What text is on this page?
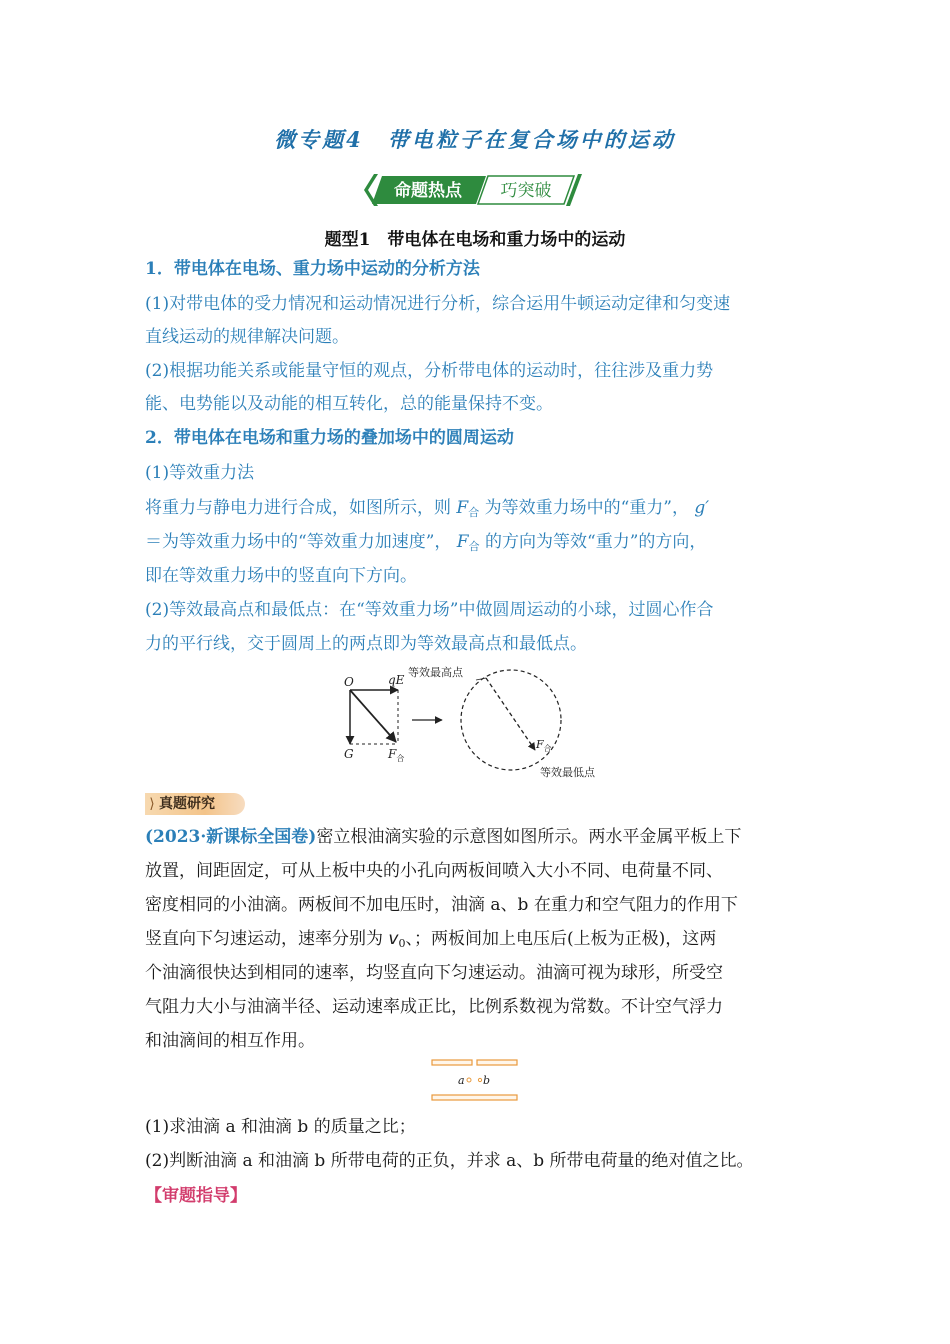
微专题4　带电粒子在复合场中的运动
命题热点 巧突破
题型1　带电体在电场和重力场中的运动
1．带电体在电场、重力场中运动的分析方法
(1)对带电体的受力情况和运动情况进行分析，综合运用牛顿运动定律和匀变速
直线运动的规律解决问题。
(2)根据功能关系或能量守恒的观点，分析带电体的运动时，往往涉及重力势
能、电势能以及动能的相互转化，总的能量保持不变。
2．带电体在电场和重力场的叠加场中的圆周运动
(1)等效重力法
将重力与静电力进行合成，如图所示，则 $F_合$ 为等效重力场中的“重力”， g′
＝为等效重力场中的“等效重力加速度”， $F_合$ 的方向为等效“重力”的方向，
即在等效重力场中的竖直向下方向。
(2)等效最高点和最低点：在“等效重力场”中做圆周运动的小球，过圆心作合
力的平行线，交于圆周上的两点即为等效最高点和最低点。
O	qE
G	$F_合$
等效最高点
$F_合$
等效最低点
⟩ 真题研究
(2023·新课标全国卷)密立根油滴实验的示意图如图所示。两水平金属平板上下
放置，间距固定，可从上板中央的小孔向两板间喷入大小不同、电荷量不同、
密度相同的小油滴。两板间不加电压时，油滴 a、b 在重力和空气阻力的作用下
竖直向下匀速运动，速率分别为 $v_0$、；两板间加上电压后(上板为正极)，这两
个油滴很快达到相同的速率，均竖直向下匀速运动。油滴可视为球形，所受空
气阻力大小与油滴半径、运动速率成正比，比例系数视为常数。不计空气浮力
和油滴间的相互作用。
a b
(1)求油滴 a 和油滴 b 的质量之比；
(2)判断油滴 a 和油滴 b 所带电荷的正负，并求 a、b 所带电荷量的绝对值之比。
【审题指导】
